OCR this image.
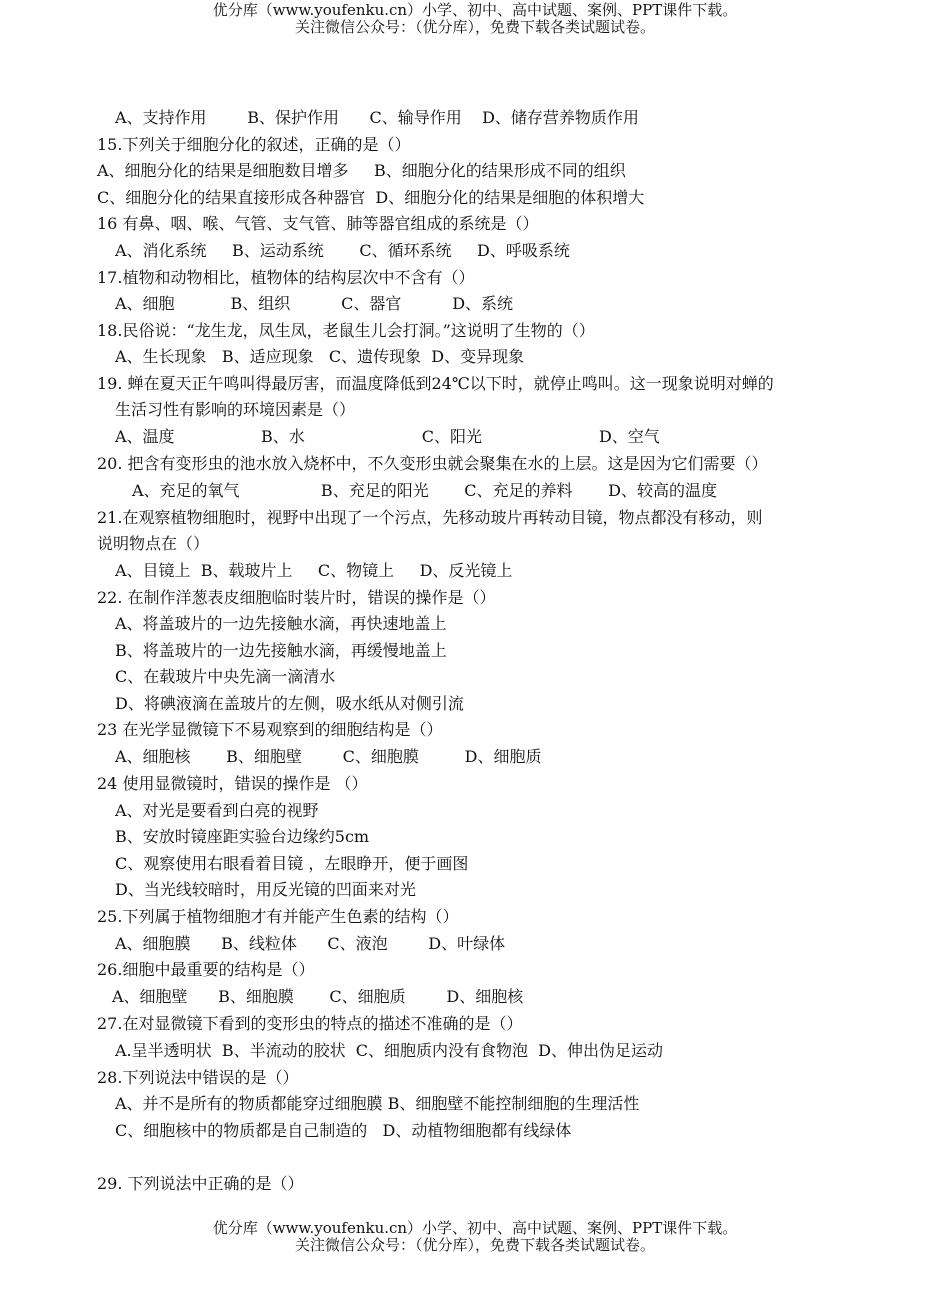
优分库（www.youfenku.cn）小学、初中、高中试题、案例、PPT课件下载。
关注微信公众号：（优分库），免费下载各类试题试卷。
A、支持作用        B、保护作用      C、输导作用    D、储存营养物质作用
15.下列关于细胞分化的叙述，正确的是（）
A、细胞分化的结果是细胞数目增多     B、细胞分化的结果形成不同的组织
C、细胞分化的结果直接形成各种器官  D、细胞分化的结果是细胞的体积增大
16 有鼻、咽、喉、气管、支气管、肺等器官组成的系统是（）
A、消化系统     B、运动系统       C、循环系统     D、呼吸系统
17.植物和动物相比，植物体的结构层次中不含有（）
A、细胞           B、组织          C、器官          D、系统
18.民俗说：“龙生龙，凤生凤，老鼠生儿会打洞。”这说明了生物的（）
A、生长现象   B、适应现象   C、遗传现象  D、变异现象
19. 蝉在夏天正午鸣叫得最厉害，而温度降低到24℃以下时，就停止鸣叫。这一现象说明对蝉的
生活习性有影响的环境因素是（）
A、温度                 B、水                       C、阳光                       D、空气
20. 把含有变形虫的池水放入烧杯中，不久变形虫就会聚集在水的上层。这是因为它们需要（）
A、充足的氧气                B、充足的阳光       C、充足的养料       D、较高的温度
21.在观察植物细胞时，视野中出现了一个污点，先移动玻片再转动目镜，物点都没有移动，则
说明物点在（）
A、目镜上  B、载玻片上     C、物镜上     D、反光镜上
22. 在制作洋葱表皮细胞临时装片时，错误的操作是（）
A、将盖玻片的一边先接触水滴，再快速地盖上
B、将盖玻片的一边先接触水滴，再缓慢地盖上
C、在载玻片中央先滴一滴清水
D、将碘液滴在盖玻片的左侧，吸水纸从对侧引流
23 在光学显微镜下不易观察到的细胞结构是（）
A、细胞核       B、细胞壁        C、细胞膜         D、细胞质
24 使用显微镜时，错误的操作是 （）
A、对光是要看到白亮的视野
B、安放时镜座距实验台边缘约5cm
C、观察使用右眼看着目镜 ，左眼睁开，便于画图
D、当光线较暗时，用反光镜的凹面来对光
25.下列属于植物细胞才有并能产生色素的结构（）
A、细胞膜      B、线粒体      C、液泡        D、叶绿体
26.细胞中最重要的结构是（）
A、细胞壁      B、细胞膜       C、细胞质        D、细胞核
27.在对显微镜下看到的变形虫的特点的描述不准确的是（）
A.呈半透明状  B、半流动的胶状  C、细胞质内没有食物泡  D、伸出伪足运动
28.下列说法中错误的是（）
A、并不是所有的物质都能穿过细胞膜 B、细胞壁不能控制细胞的生理活性
C、细胞核中的物质都是自己制造的   D、动植物细胞都有线绿体
29. 下列说法中正确的是（）
优分库（www.youfenku.cn）小学、初中、高中试题、案例、PPT课件下载。
关注微信公众号：（优分库），免费下载各类试题试卷。
